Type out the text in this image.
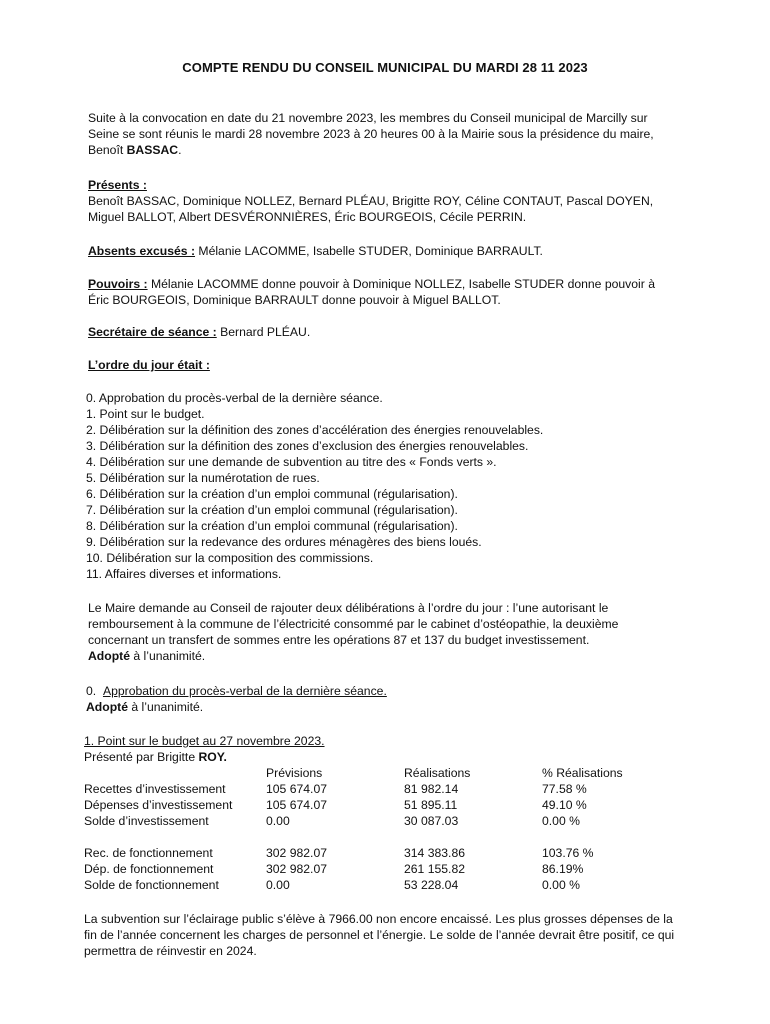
COMPTE RENDU DU CONSEIL MUNICIPAL DU MARDI 28 11 2023

Suite à la convocation en date du 21 novembre 2023, les membres du Conseil municipal de Marcilly sur Seine se sont réunis le mardi 28 novembre 2023 à 20 heures 00 à la Mairie sous la présidence du maire, Benoît BASSAC.

Présents :

Benoît BASSAC, Dominique NOLLEZ, Bernard PLÉAU, Brigitte ROY, Céline CONTAUT, Pascal DOYEN, Miguel BALLOT, Albert DESVÉRONNIÈRES, Éric BOURGEOIS, Cécile PERRIN.

Absents excusés : Mélanie LACOMME, Isabelle STUDER, Dominique BARRAULT.

Pouvoirs : Mélanie LACOMME donne pouvoir à Dominique NOLLEZ, Isabelle STUDER donne pouvoir à Éric BOURGEOIS, Dominique BARRAULT donne pouvoir à Miguel BALLOT.

Secrétaire de séance : Bernard PLÉAU.

L’ordre du jour était :

0. Approbation du procès-verbal de la dernière séance.
1. Point sur le budget.
2. Délibération sur la définition des zones d’accélération des énergies renouvelables.
3. Délibération sur la définition des zones d’exclusion des énergies renouvelables.
4. Délibération sur une demande de subvention au titre des « Fonds verts ».
5. Délibération sur la numérotation de rues.
6. Délibération sur la création d’un emploi communal (régularisation).
7. Délibération sur la création d’un emploi communal (régularisation).
8. Délibération sur la création d’un emploi communal (régularisation).
9. Délibération sur la redevance des ordures ménagères des biens loués.
10. Délibération sur la composition des commissions.
11. Affaires diverses et informations.

Le Maire demande au Conseil de rajouter deux délibérations à l’ordre du jour : l’une autorisant le remboursement à la commune de l’électricité consommé par le cabinet d’ostéopathie, la deuxième concernant un transfert de sommes entre les opérations 87 et 137 du budget investissement.

Adopté à l’unanimité.

0. Approbation du procès-verbal de la dernière séance.

Adopté à l’unanimité.

1. Point sur le budget au 27 novembre 2023.

Présenté par Brigitte ROY.

	Prévisions	Réalisations	% Réalisations
Recettes d’investissement	105 674.07	81 982.14	77.58 %
Dépenses d’investissement	105 674.07	51 895.11	49.10 %
Solde d’investissement	0.00	30 087.03	0.00 %

Rec. de fonctionnement	302 982.07	314 383.86	103.76 %
Dép. de fonctionnement	302 982.07	261 155.82	86.19%
Solde de fonctionnement	0.00	53 228.04	0.00 %

La subvention sur l’éclairage public s’élève à 7966.00 non encore encaissé. Les plus grosses dépenses de la fin de l’année concernent les charges de personnel et l’énergie. Le solde de l’année devrait être positif, ce qui permettra de réinvestir en 2024.
